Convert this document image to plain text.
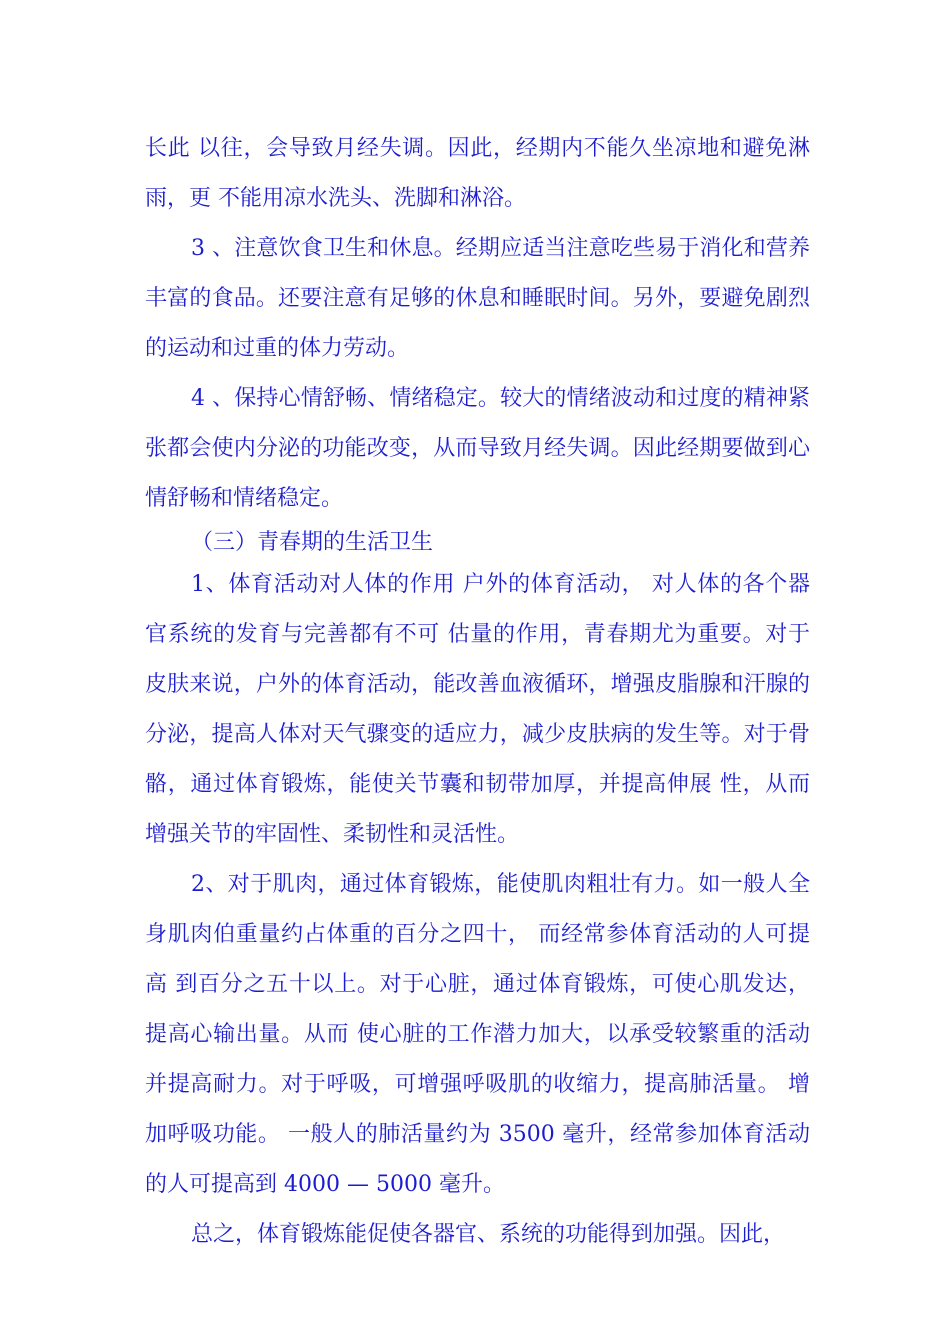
长此 以往，会导致月经失调。因此，经期内不能久坐凉地和避免淋雨，更 不能用凉水洗头、洗脚和淋浴。

3 、注意饮食卫生和休息。经期应适当注意吃些易于消化和营养 丰富的食品。还要注意有足够的休息和睡眠时间。另外，要避免剧烈 的运动和过重的体力劳动。

4 、保持心情舒畅、情绪稳定。较大的情绪波动和过度的精神紧 张都会使内分泌的功能改变，从而导致月经失调。因此经期要做到心 情舒畅和情绪稳定。

（三）青春期的生活卫生

1、体育活动对人体的作用 户外的体育活动， 对人体的各个器官系统的发育与完善都有不可 估量的作用，青春期尤为重要。对于皮肤来说，户外的体育活动，能改善血液循环，增强皮脂腺和汗腺的分泌，提高人体对天气骤变的适应力，减少皮肤病的发生等。对于骨骼，通过体育锻炼，能使关节囊和韧带加厚，并提高伸展 性，从而增强关节的牢固性、柔韧性和灵活性。

2、对于肌肉，通过体育锻炼，能使肌肉粗壮有力。如一般人全 身肌肉伯重量约占体重的百分之四十， 而经常参体育活动的人可提高 到百分之五十以上。对于心脏，通过体育锻炼，可使心肌发达，提高心输出量。从而 使心脏的工作潜力加大，以承受较繁重的活动并提高耐力。对于呼吸，可增强呼吸肌的收缩力，提高肺活量。 增加呼吸功能。 一般人的肺活量约为 3500 毫升，经常参加体育活动的人可提高到 4000 — 5000 毫升。

总之，体育锻炼能促使各器官、系统的功能得到加强。因此，
